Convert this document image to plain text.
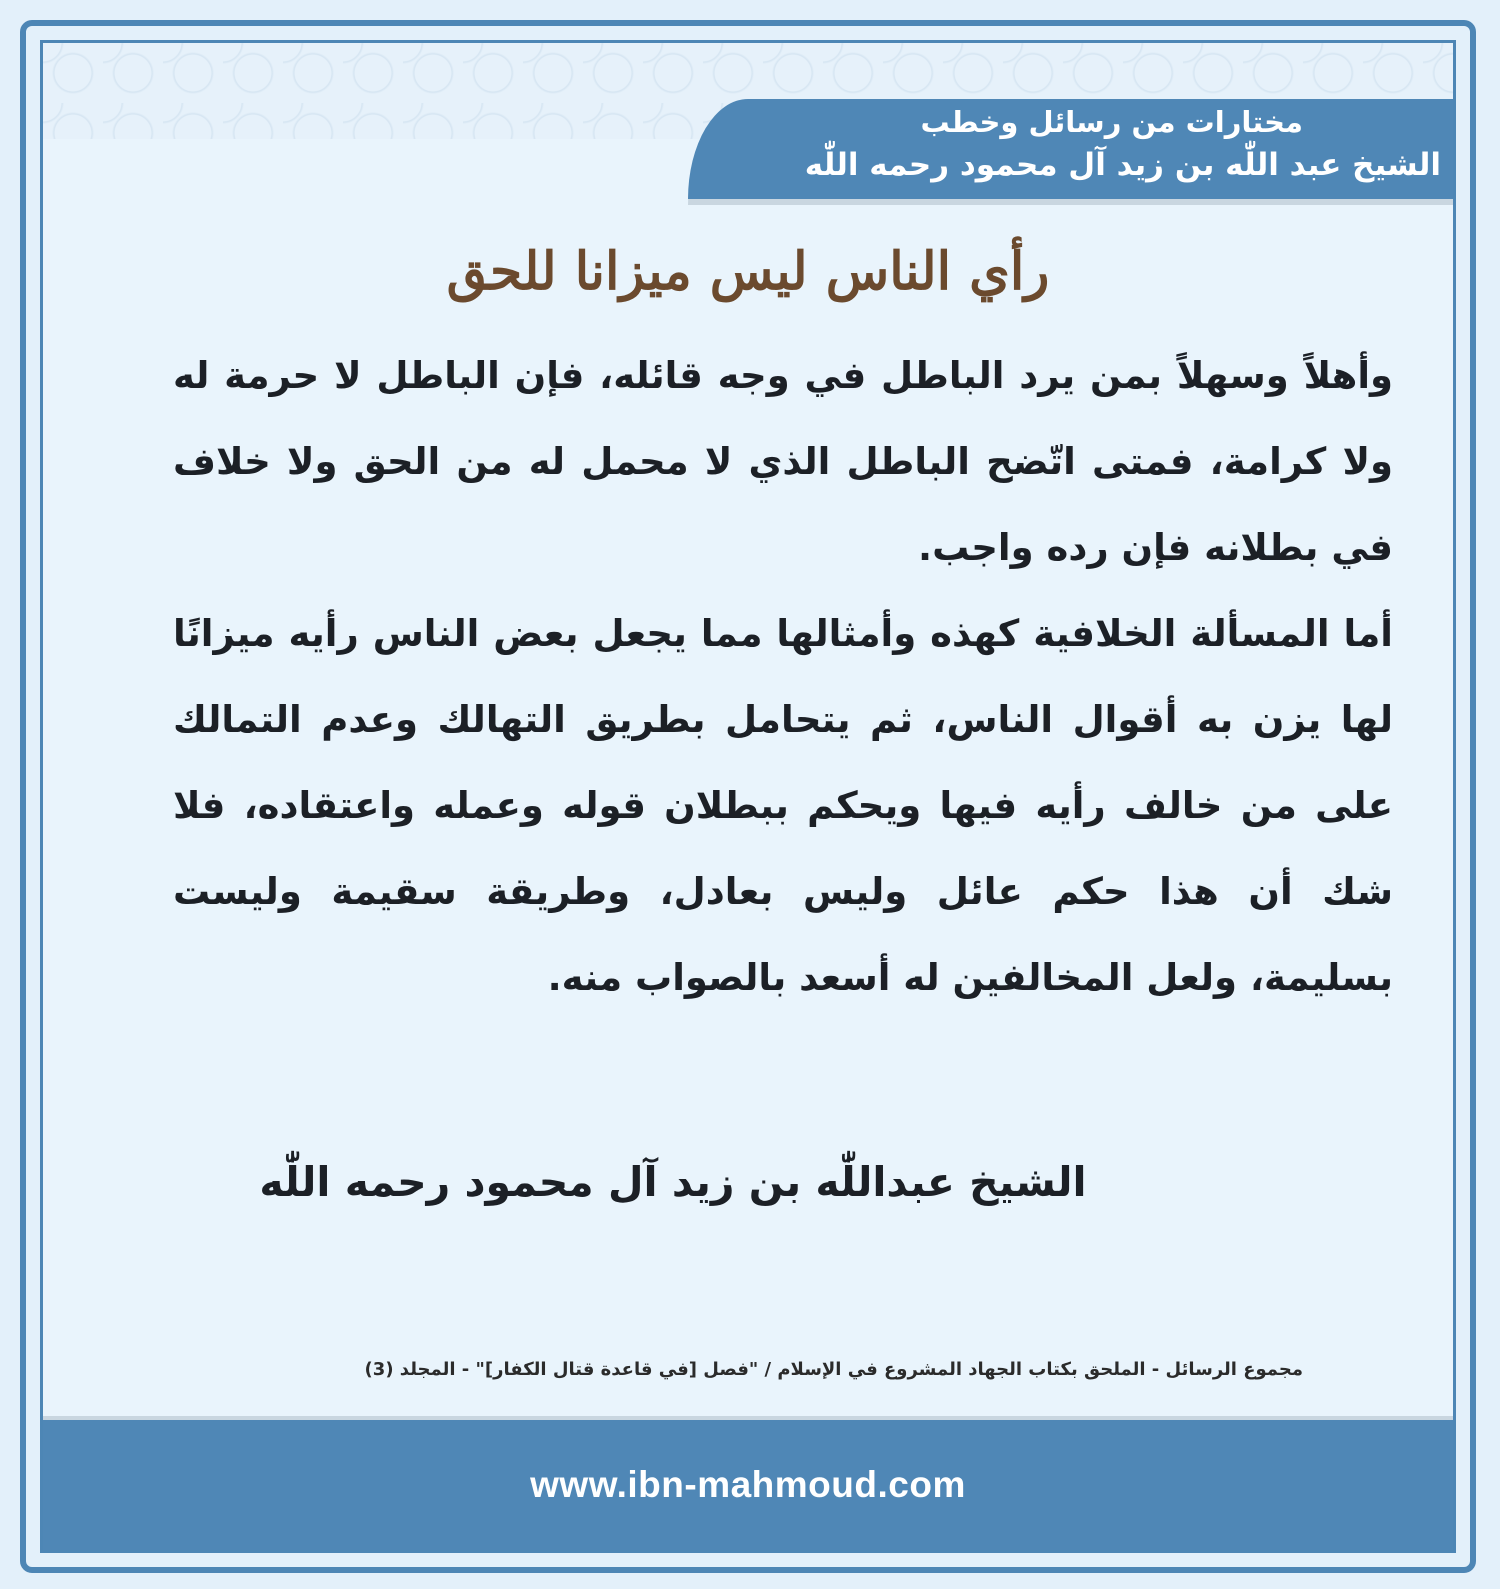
مختارات من رسائل وخطب
الشيخ عبد اللّٰه بن زيد آل محمود رحمه اللّٰه
رأي الناس ليس ميزانا للحق
وأهلاً وسهلاً بمن يرد الباطل في وجه قائله، فإن الباطل لا حرمة له ولا كرامة، فمتى اتّضح الباطل الذي لا محمل له من الحق ولا خلاف في بطلانه فإن رده واجب.
أما المسألة الخلافية كهذه وأمثالها مما يجعل بعض الناس رأيه ميزانًا لها يزن به أقوال الناس، ثم يتحامل بطريق التهالك وعدم التمالك على من خالف رأيه فيها ويحكم ببطلان قوله وعمله واعتقاده، فلا شك أن هذا حكم عائل وليس بعادل، وطريقة سقيمة وليست بسليمة، ولعل المخالفين له أسعد بالصواب منه.
الشيخ عبداللّٰه بن زيد آل محمود رحمه اللّٰه
مجموع الرسائل - الملحق بكتاب الجهاد المشروع في الإسلام / "فصل [في قاعدة قتال الكفار]" - المجلد (3)
www.ibn-mahmoud.com
